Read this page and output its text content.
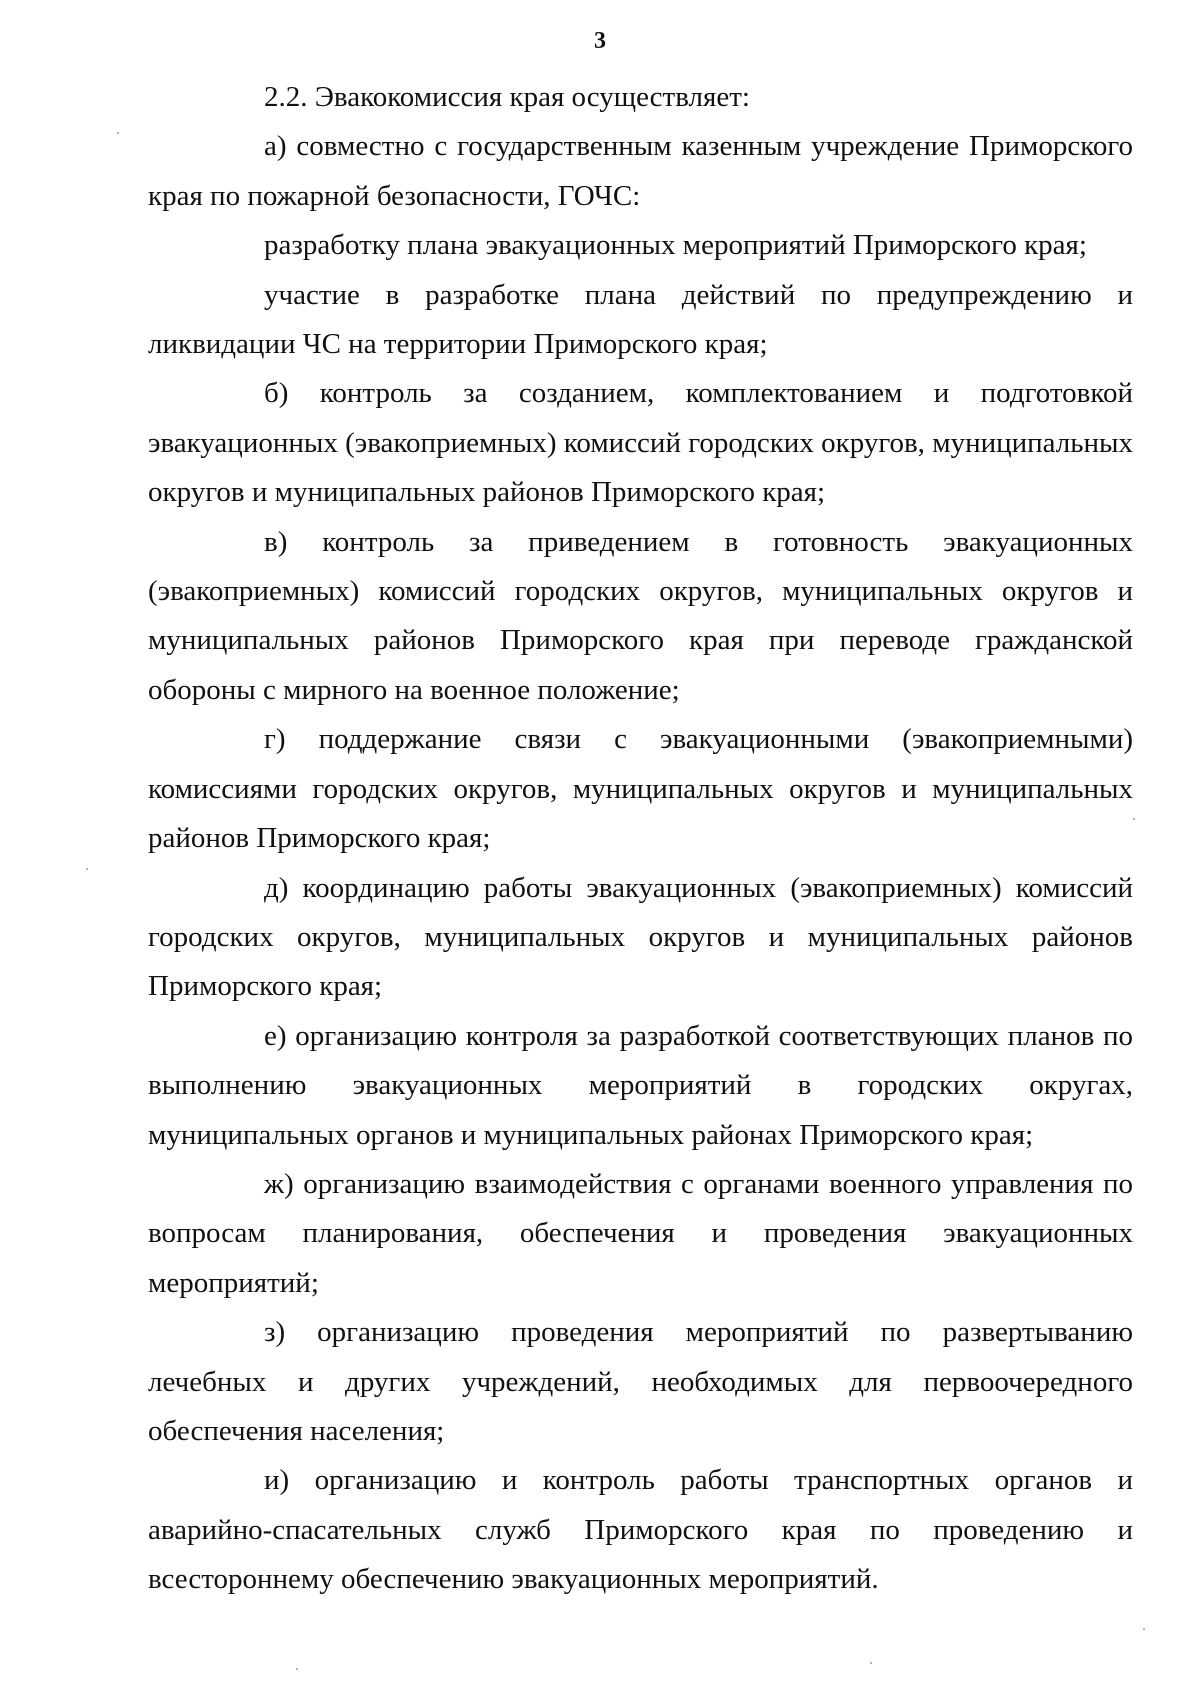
3

2.2. Эвакокомиссия края осуществляет:

а) совместно с государственным казенным учреждение Приморского края по пожарной безопасности, ГОЧС:

разработку плана эвакуационных мероприятий Приморского края;

участие в разработке плана действий по предупреждению и ликвидации ЧС на территории Приморского края;

б) контроль за созданием, комплектованием и подготовкой эвакуационных (эвакоприемных) комиссий городских округов, муниципальных округов и муниципальных районов Приморского края;

в) контроль за приведением в готовность эвакуационных (эвакоприемных) комиссий городских округов, муниципальных округов и муниципальных районов Приморского края при переводе гражданской обороны с мирного на военное положение;

г) поддержание связи с эвакуационными (эвакоприемными) комиссиями городских округов, муниципальных округов и муниципальных районов Приморского края;

д) координацию работы эвакуационных (эвакоприемных) комиссий городских округов, муниципальных округов и муниципальных районов Приморского края;

е) организацию контроля за разработкой соответствующих планов по выполнению эвакуационных мероприятий в городских округах, муниципальных органов и муниципальных районах Приморского края;

ж) организацию взаимодействия с органами военного управления по вопросам планирования, обеспечения и проведения эвакуационных мероприятий;

з) организацию проведения мероприятий по развертыванию лечебных и других учреждений, необходимых для первоочередного обеспечения населения;

и) организацию и контроль работы транспортных органов и аварийно-спасательных служб Приморского края по проведению и всестороннему обеспечению эвакуационных мероприятий.
